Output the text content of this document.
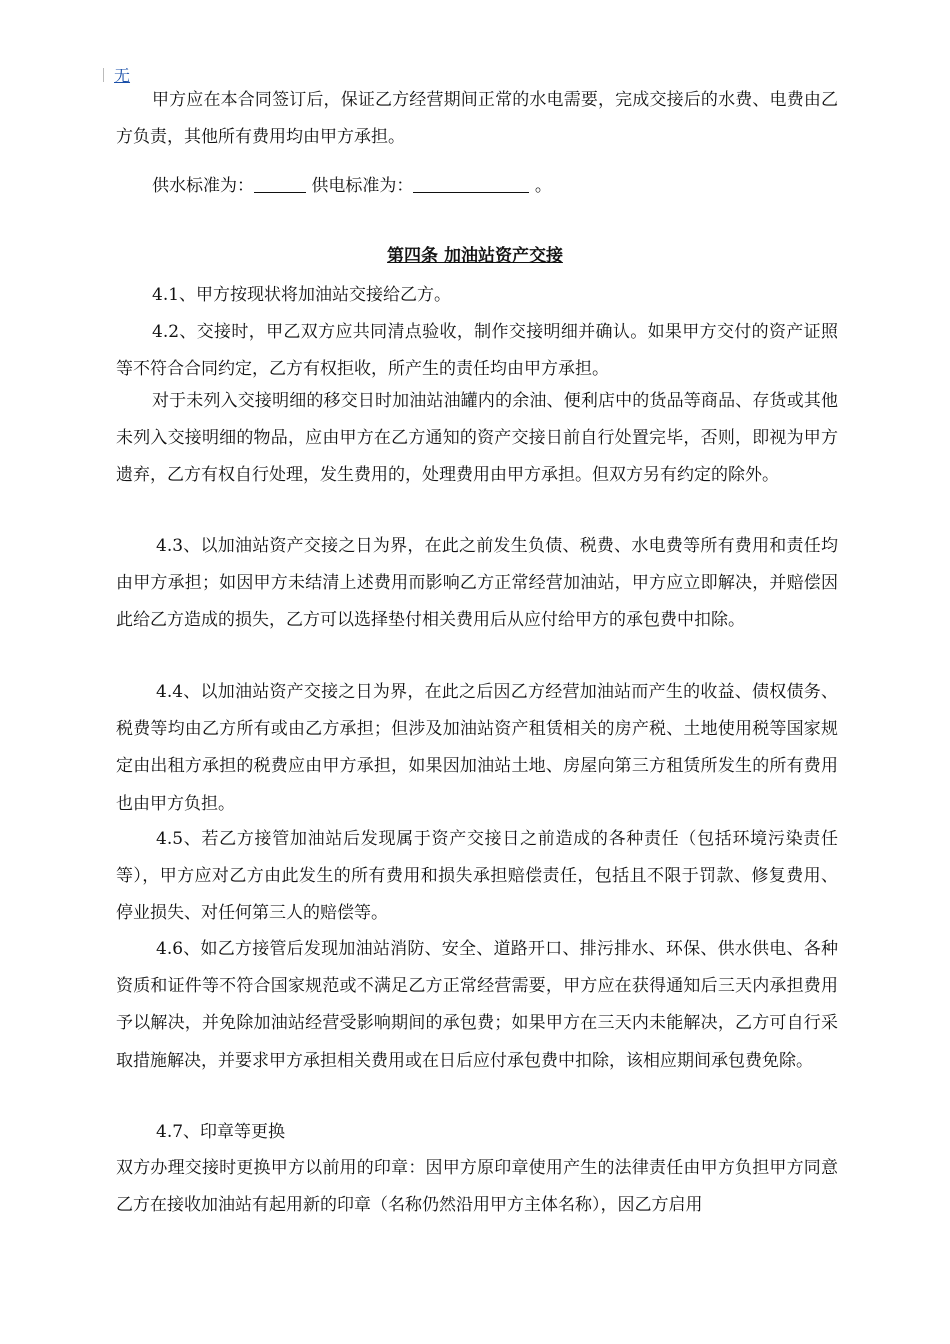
无

甲方应在本合同签订后，保证乙方经营期间正常的水电需要，完成交接后的水费、电费由乙方负责，其他所有费用均由甲方承担。

供水标准为：	供电标准为：	。

第四条 加油站资产交接

4.1、甲方按现状将加油站交接给乙方。

4.2、交接时，甲乙双方应共同清点验收，制作交接明细并确认。如果甲方交付的资产证照等不符合合同约定，乙方有权拒收，所产生的责任均由甲方承担。

对于未列入交接明细的移交日时加油站油罐内的余油、便利店中的货品等商品、存货或其他未列入交接明细的物品，应由甲方在乙方通知的资产交接日前自行处置完毕，否则，即视为甲方遗弃，乙方有权自行处理，发生费用的，处理费用由甲方承担。但双方另有约定的除外。

4.3、以加油站资产交接之日为界，在此之前发生负债、税费、水电费等所有费用和责任均由甲方承担；如因甲方未结清上述费用而影响乙方正常经营加油站，甲方应立即解决，并赔偿因此给乙方造成的损失，乙方可以选择垫付相关费用后从应付给甲方的承包费中扣除。

4.4、以加油站资产交接之日为界，在此之后因乙方经营加油站而产生的收益、债权债务、税费等均由乙方所有或由乙方承担；但涉及加油站资产租赁相关的房产税、土地使用税等国家规定由出租方承担的税费应由甲方承担，如果因加油站土地、房屋向第三方租赁所发生的所有费用也由甲方负担。

4.5、若乙方接管加油站后发现属于资产交接日之前造成的各种责任（包括环境污染责任等），甲方应对乙方由此发生的所有费用和损失承担赔偿责任，包括且不限于罚款、修复费用、停业损失、对任何第三人的赔偿等。

4.6、如乙方接管后发现加油站消防、安全、道路开口、排污排水、环保、供水供电、各种资质和证件等不符合国家规范或不满足乙方正常经营需要，甲方应在获得通知后三天内承担费用予以解决，并免除加油站经营受影响期间的承包费；如果甲方在三天内未能解决，乙方可自行采取措施解决，并要求甲方承担相关费用或在日后应付承包费中扣除，该相应期间承包费免除。

4.7、印章等更换

双方办理交接时更换甲方以前用的印章：因甲方原印章使用产生的法律责任由甲方负担甲方同意乙方在接收加油站有起用新的印章（名称仍然沿用甲方主体名称），因乙方启用
